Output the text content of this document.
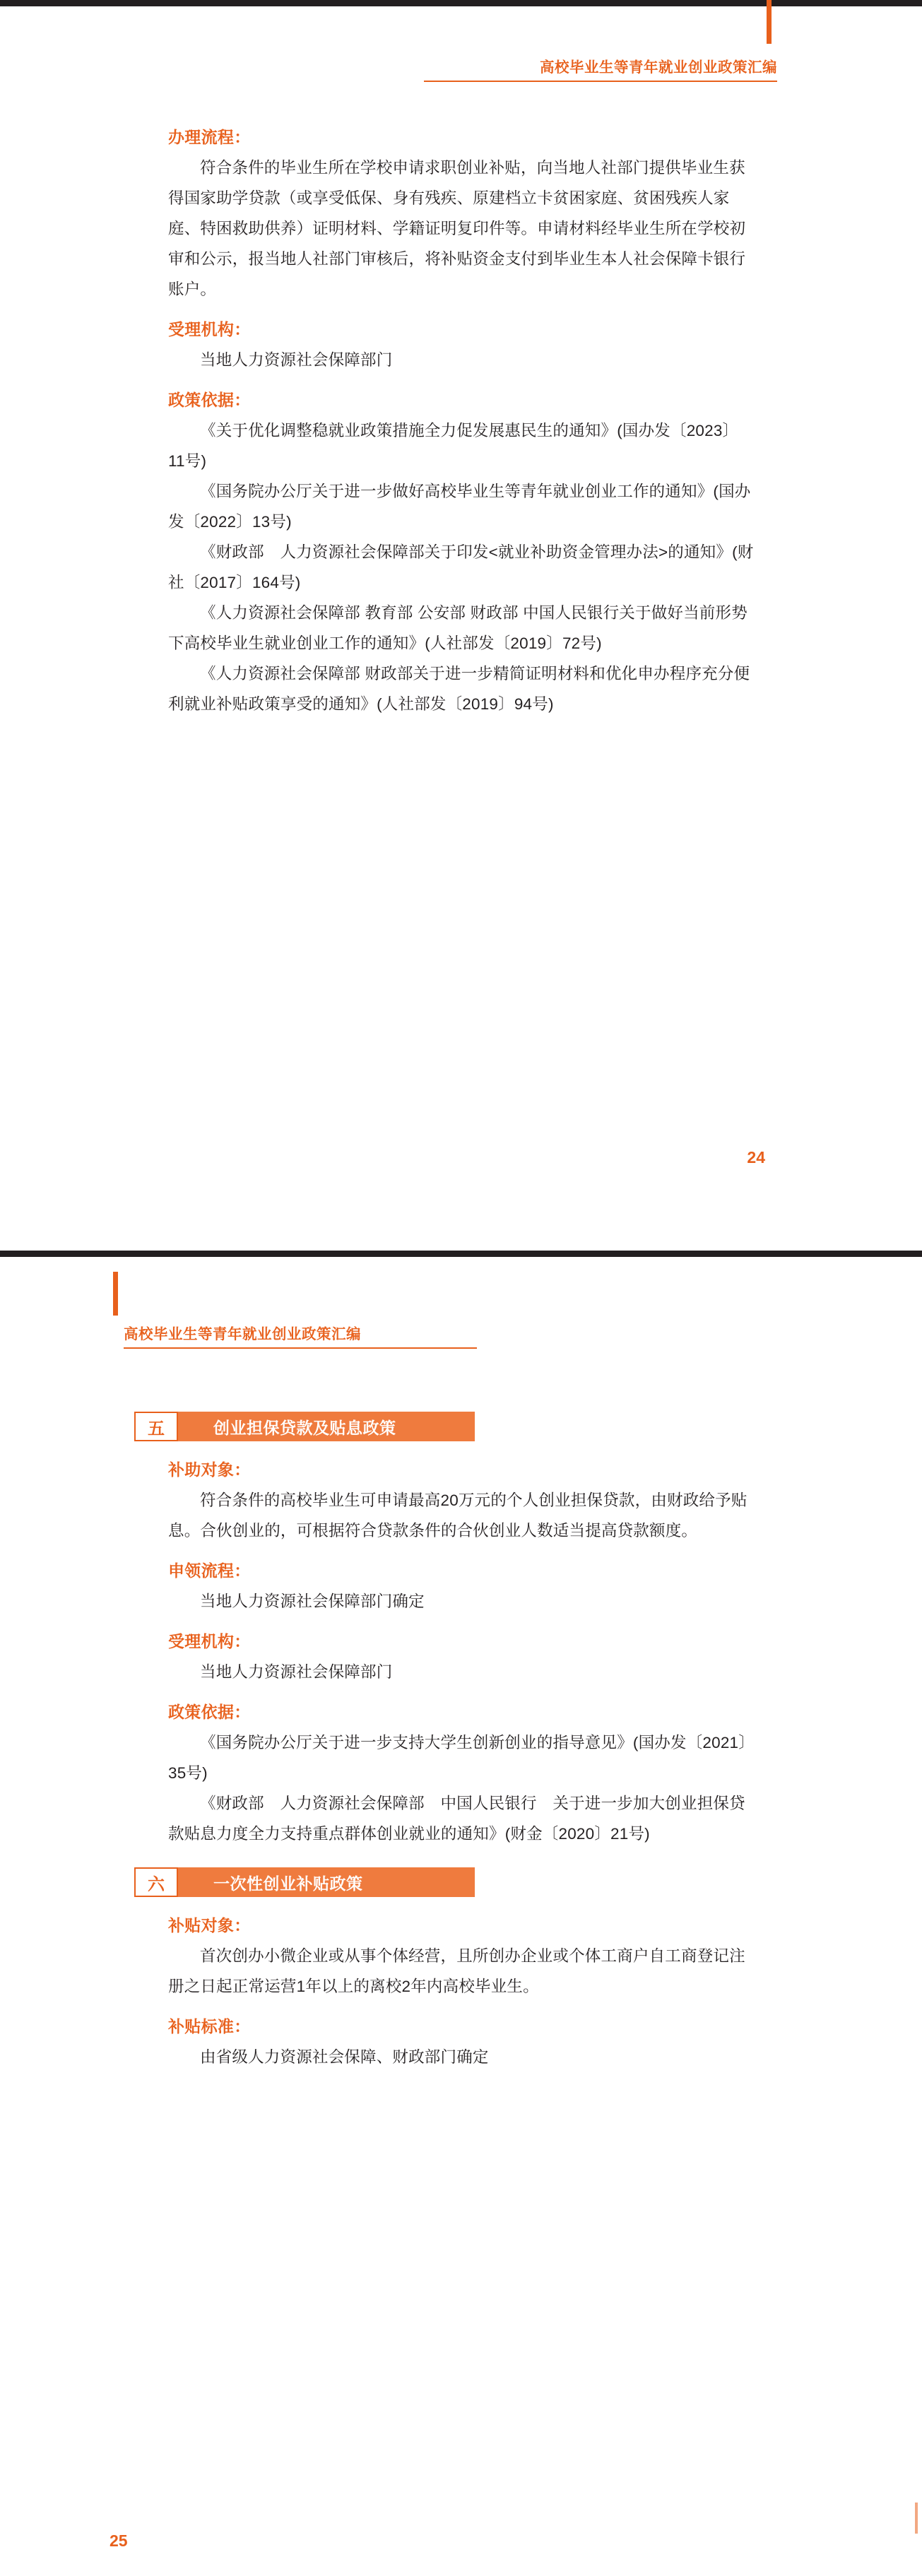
高校毕业生等青年就业创业政策汇编
办理流程：

符合条件的毕业生所在学校申请求职创业补贴，向当地人社部门提供毕业生获得国家助学贷款（或享受低保、身有残疾、原建档立卡贫困家庭、贫困残疾人家庭、特困救助供养）证明材料、学籍证明复印件等。申请材料经毕业生所在学校初审和公示，报当地人社部门审核后，将补贴资金支付到毕业生本人社会保障卡银行账户。

受理机构：

当地人力资源社会保障部门

政策依据：

《关于优化调整稳就业政策措施全力促发展惠民生的通知》(国办发〔2023〕11号)

《国务院办公厅关于进一步做好高校毕业生等青年就业创业工作的通知》(国办发〔2022〕13号)

《财政部　人力资源社会保障部关于印发<就业补助资金管理办法>的通知》(财社〔2017〕164号)

《人力资源社会保障部 教育部 公安部 财政部 中国人民银行关于做好当前形势下高校毕业生就业创业工作的通知》(人社部发〔2019〕72号)

《人力资源社会保障部 财政部关于进一步精简证明材料和优化申办程序充分便利就业补贴政策享受的通知》(人社部发〔2019〕94号)

24
高校毕业生等青年就业创业政策汇编
五	创业担保贷款及贴息政策
补助对象：

符合条件的高校毕业生可申请最高20万元的个人创业担保贷款，由财政给予贴息。合伙创业的，可根据符合贷款条件的合伙创业人数适当提高贷款额度。

申领流程：

当地人力资源社会保障部门确定

受理机构：

当地人力资源社会保障部门

政策依据：

《国务院办公厅关于进一步支持大学生创新创业的指导意见》(国办发〔2021〕35号)

《财政部　人力资源社会保障部　中国人民银行　关于进一步加大创业担保贷款贴息力度全力支持重点群体创业就业的通知》(财金〔2020〕21号)

六	一次性创业补贴政策
补贴对象：

首次创办小微企业或从事个体经营，且所创办企业或个体工商户自工商登记注册之日起正常运营1年以上的离校2年内高校毕业生。

补贴标准：

由省级人力资源社会保障、财政部门确定

25
